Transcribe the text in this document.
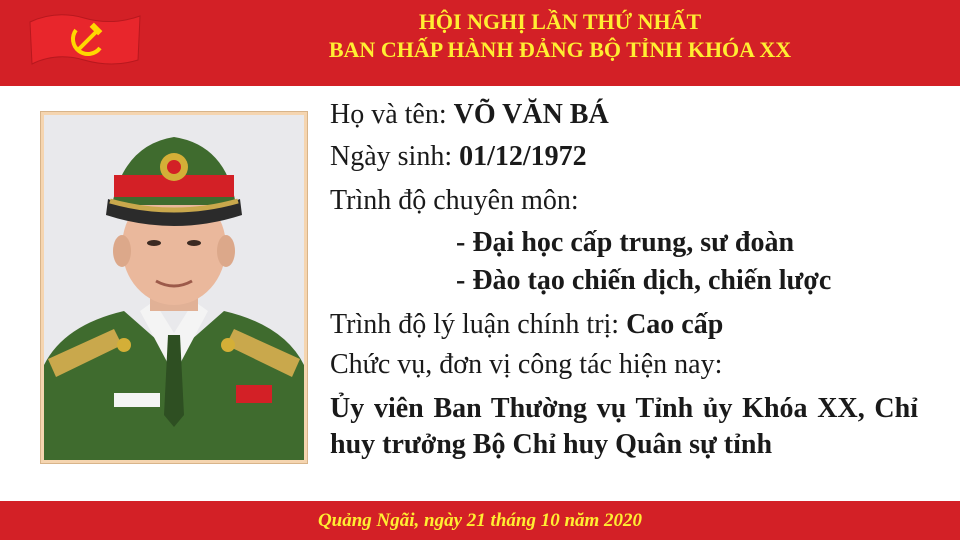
HỘI NGHỊ LẦN THỨ NHẤT
BAN CHẤP HÀNH ĐẢNG BỘ TỈNH KHÓA XX
Họ và tên: VÕ VĂN BÁ
Ngày sinh: 01/12/1972
Trình độ chuyên môn:
- Đại học cấp trung, sư đoàn
- Đào tạo chiến dịch, chiến lược
Trình độ lý luận chính trị: Cao cấp
Chức vụ, đơn vị công tác hiện nay:
Ủy viên Ban Thường vụ Tỉnh ủy Khóa XX, Chỉ huy trưởng Bộ Chỉ huy Quân sự tỉnh
Quảng Ngãi, ngày 21 tháng 10 năm 2020
